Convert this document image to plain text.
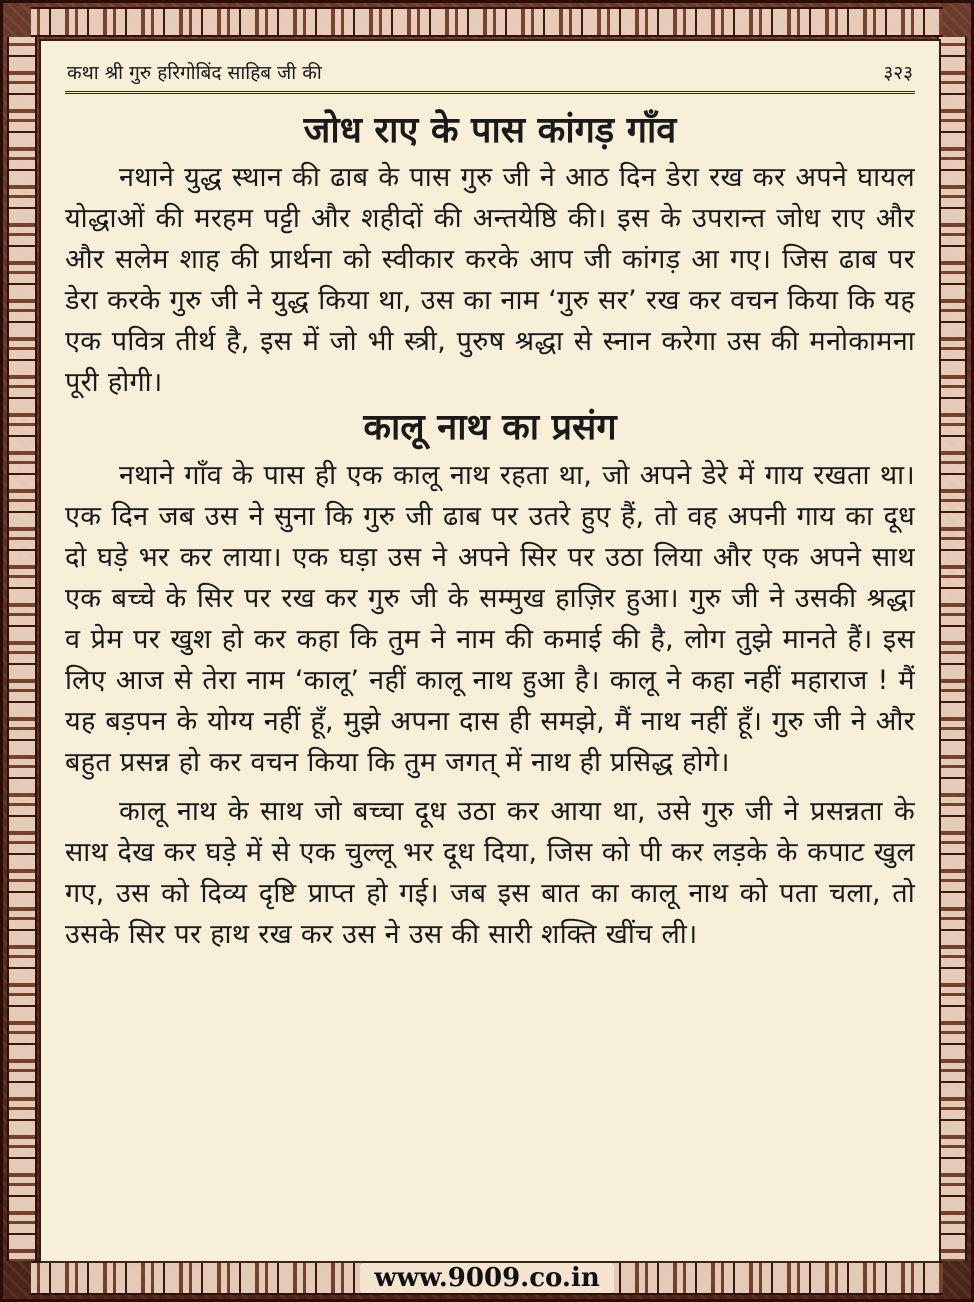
कथा श्री गुरु हरिगोबिंद साहिब जी की	३२३
जोध राए के पास कांगड़ गाँव

नथाने युद्ध स्थान की ढाब के पास गुरु जी ने आठ दिन डेरा रख कर अपने घायल योद्धाओं की मरहम पट्टी और शहीदों की अन्तयेष्ठि की। इस के उपरान्त जोध राए और और सलेम शाह की प्रार्थना को स्वीकार करके आप जी कांगड़ आ गए। जिस ढाब पर डेरा करके गुरु जी ने युद्ध किया था, उस का नाम ‘गुरु सर’ रख कर वचन किया कि यह एक पवित्र तीर्थ है, इस में जो भी स्त्री, पुरुष श्रद्धा से स्नान करेगा उस की मनोकामना पूरी होगी।

कालू नाथ का प्रसंग

नथाने गाँव के पास ही एक कालू नाथ रहता था, जो अपने डेरे में गाय रखता था। एक दिन जब उस ने सुना कि गुरु जी ढाब पर उतरे हुए हैं, तो वह अपनी गाय का दूध दो घड़े भर कर लाया। एक घड़ा उस ने अपने सिर पर उठा लिया और एक अपने साथ एक बच्चे के सिर पर रख कर गुरु जी के सम्मुख हाज़िर हुआ। गुरु जी ने उसकी श्रद्धा व प्रेम पर खुश हो कर कहा कि तुम ने नाम की कमाई की है, लोग तुझे मानते हैं। इस लिए आज से तेरा नाम ‘कालू’ नहीं कालू नाथ हुआ है। कालू ने कहा नहीं महाराज ! मैं यह बड़पन के योग्य नहीं हूँ, मुझे अपना दास ही समझे, मैं नाथ नहीं हूँ। गुरु जी ने और बहुत प्रसन्न हो कर वचन किया कि तुम जगत् में नाथ ही प्रसिद्ध होगे।

कालू नाथ के साथ जो बच्चा दूध उठा कर आया था, उसे गुरु जी ने प्रसन्नता के साथ देख कर घड़े में से एक चुल्लू भर दूध दिया, जिस को पी कर लड़के के कपाट खुल गए, उस को दिव्य दृष्टि प्राप्त हो गई। जब इस बात का कालू नाथ को पता चला, तो उसके सिर पर हाथ रख कर उस ने उस की सारी शक्ति खींच ली।

www.9009.co.in
